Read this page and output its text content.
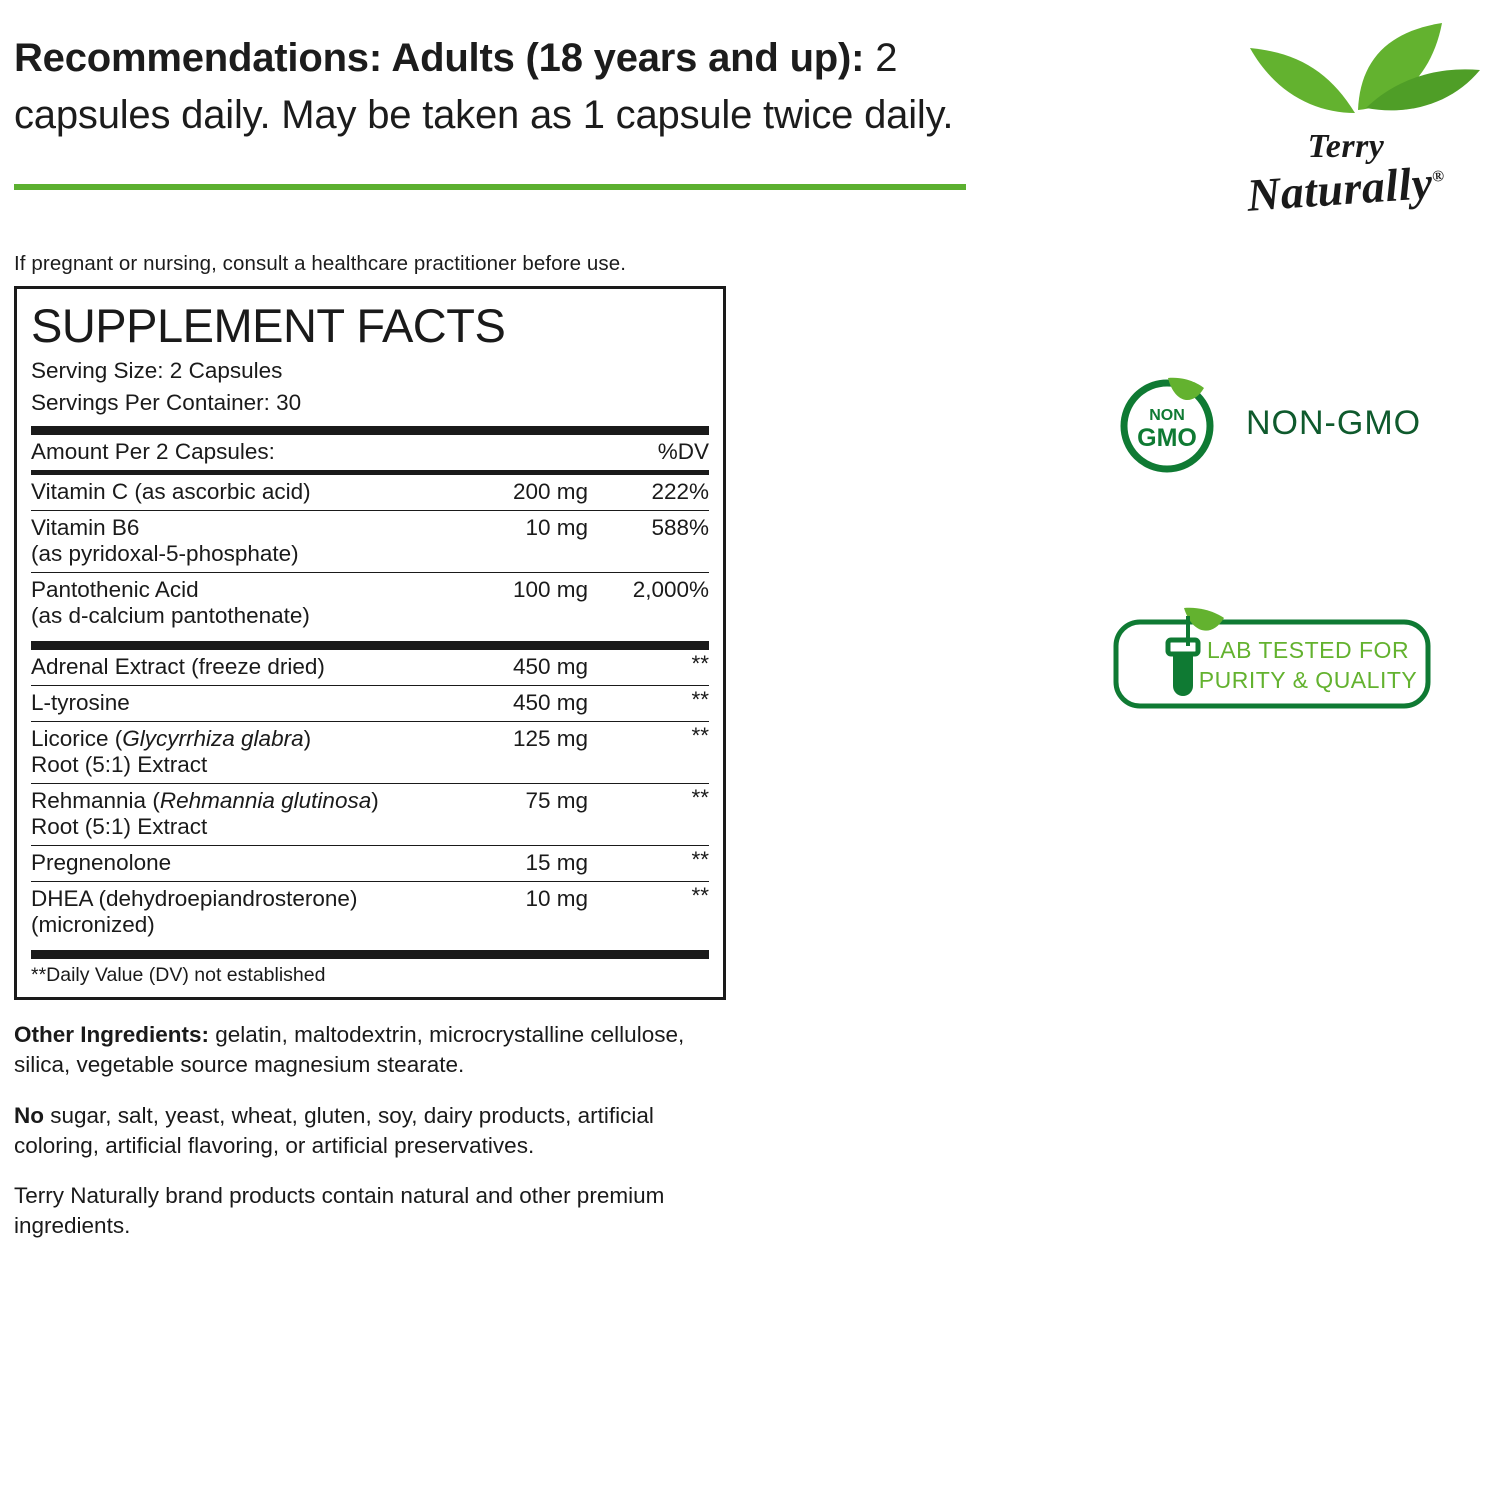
Recommendations: Adults (18 years and up): 2 capsules daily. May be taken as 1 capsule twice daily.
If pregnant or nursing, consult a healthcare practitioner before use.
SUPPLEMENT FACTS
Serving Size: 2 Capsules
Servings Per Container: 30
Amount Per 2 Capsules:		%DV
Vitamin C (as ascorbic acid)	200 mg	222%
Vitamin B6
(as pyridoxal-5-phosphate)	10 mg	588%
Pantothenic Acid
(as d-calcium pantothenate)	100 mg	2,000%
Adrenal Extract (freeze dried)	450 mg	**
L-tyrosine	450 mg	**
Licorice (Glycyrrhiza glabra)
Root (5:1) Extract	125 mg	**
Rehmannia (Rehmannia glutinosa)
Root (5:1) Extract	75 mg	**
Pregnenolone	15 mg	**
DHEA (dehydroepiandrosterone)
(micronized)	10 mg	**
**Daily Value (DV) not established

Other Ingredients: gelatin, maltodextrin, microcrystalline cellulose, silica, vegetable source magnesium stearate.

No sugar, salt, yeast, wheat, gluten, soy, dairy products, artificial coloring, artificial flavoring, or artificial preservatives.

Terry Naturally brand products contain natural and other premium ingredients.

Terry
Naturally®
NON
GMO NON-GMO
LAB TESTED FOR
PURITY & QUALITY
